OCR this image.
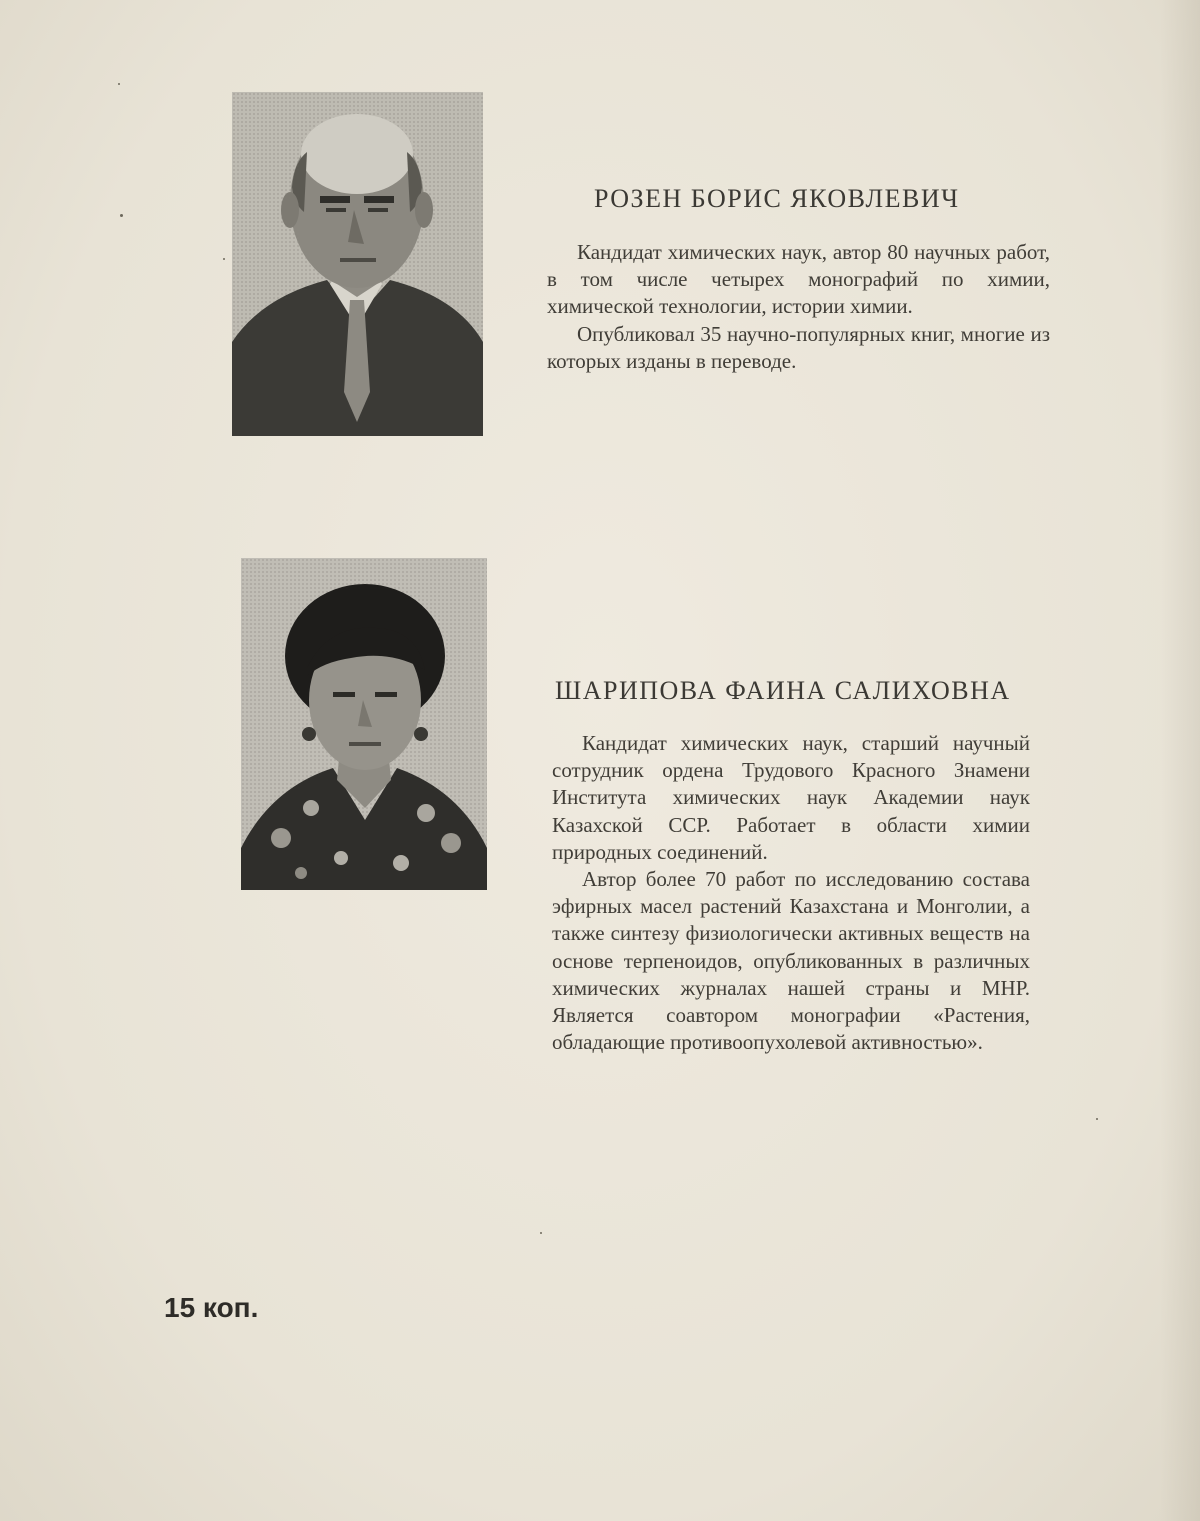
РОЗЕН БОРИС ЯКОВЛЕВИЧ

Кандидат химических наук, автор 80 научных работ, в том числе четырех монографий по химии, химической технологии, истории химии.

Опубликовал 35 научно-популярных книг, многие из которых изданы в переводе.

ШАРИПОВА ФАИНА САЛИХОВНА

Кандидат химических наук, старший научный сотрудник ордена Трудового Красного Знамени Института химических наук Академии наук Казахской ССР. Работает в области химии природных соединений.

Автор более 70 работ по исследованию состава эфирных масел растений Казахстана и Монголии, а также синтезу физиологически активных веществ на основе терпеноидов, опубликованных в различных химических журналах нашей страны и МНР. Является соавтором монографии «Растения, обладающие противоопухолевой активностью».

15 коп.
